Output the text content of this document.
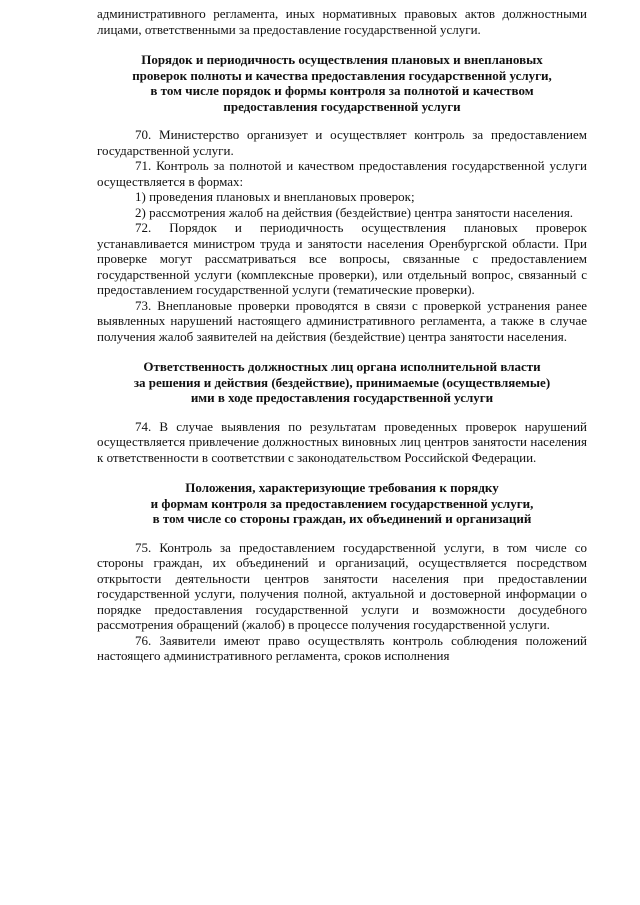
административного регламента, иных нормативных правовых актов должностными лицами, ответственными за предоставление государственной услуги.

Порядок и периодичность осуществления плановых и внеплановых
проверок полноты и качества предоставления государственной услуги,
в том числе порядок и формы контроля за полнотой и качеством
предоставления государственной услуги

70. Министерство организует и осуществляет контроль за предоставлением государственной услуги.

71. Контроль за полнотой и качеством предоставления государственной услуги осуществляется в формах:

1) проведения плановых и внеплановых проверок;

2) рассмотрения жалоб на действия (бездействие) центра занятости населения.

72. Порядок и периодичность осуществления плановых проверок устанавливается министром труда и занятости населения Оренбургской области. При проверке могут рассматриваться все вопросы, связанные с предоставлением государственной услуги (комплексные проверки), или отдельный вопрос, связанный с предоставлением государственной услуги (тематические проверки).

73. Внеплановые проверки проводятся в связи с проверкой устранения ранее выявленных нарушений настоящего административного регламента, а также в случае получения жалоб заявителей на действия (бездействие) центра занятости населения.

Ответственность должностных лиц органа исполнительной власти
за решения и действия (бездействие), принимаемые (осуществляемые)
ими в ходе предоставления государственной услуги

74. В случае выявления по результатам проведенных проверок нарушений осуществляется привлечение должностных виновных лиц центров занятости населения к ответственности в соответствии с законодательством Российской Федерации.

Положения, характеризующие требования к порядку
и формам контроля за предоставлением государственной услуги,
в том числе со стороны граждан, их объединений и организаций

75. Контроль за предоставлением государственной услуги, в том числе со стороны граждан, их объединений и организаций, осуществляется посредством открытости деятельности центров занятости населения при предоставлении государственной услуги, получения полной, актуальной и достоверной информации о порядке предоставления государственной услуги и возможности досудебного рассмотрения обращений (жалоб) в процессе получения государственной услуги.

76. Заявители имеют право осуществлять контроль соблюдения положений настоящего административного регламента, сроков исполнения
